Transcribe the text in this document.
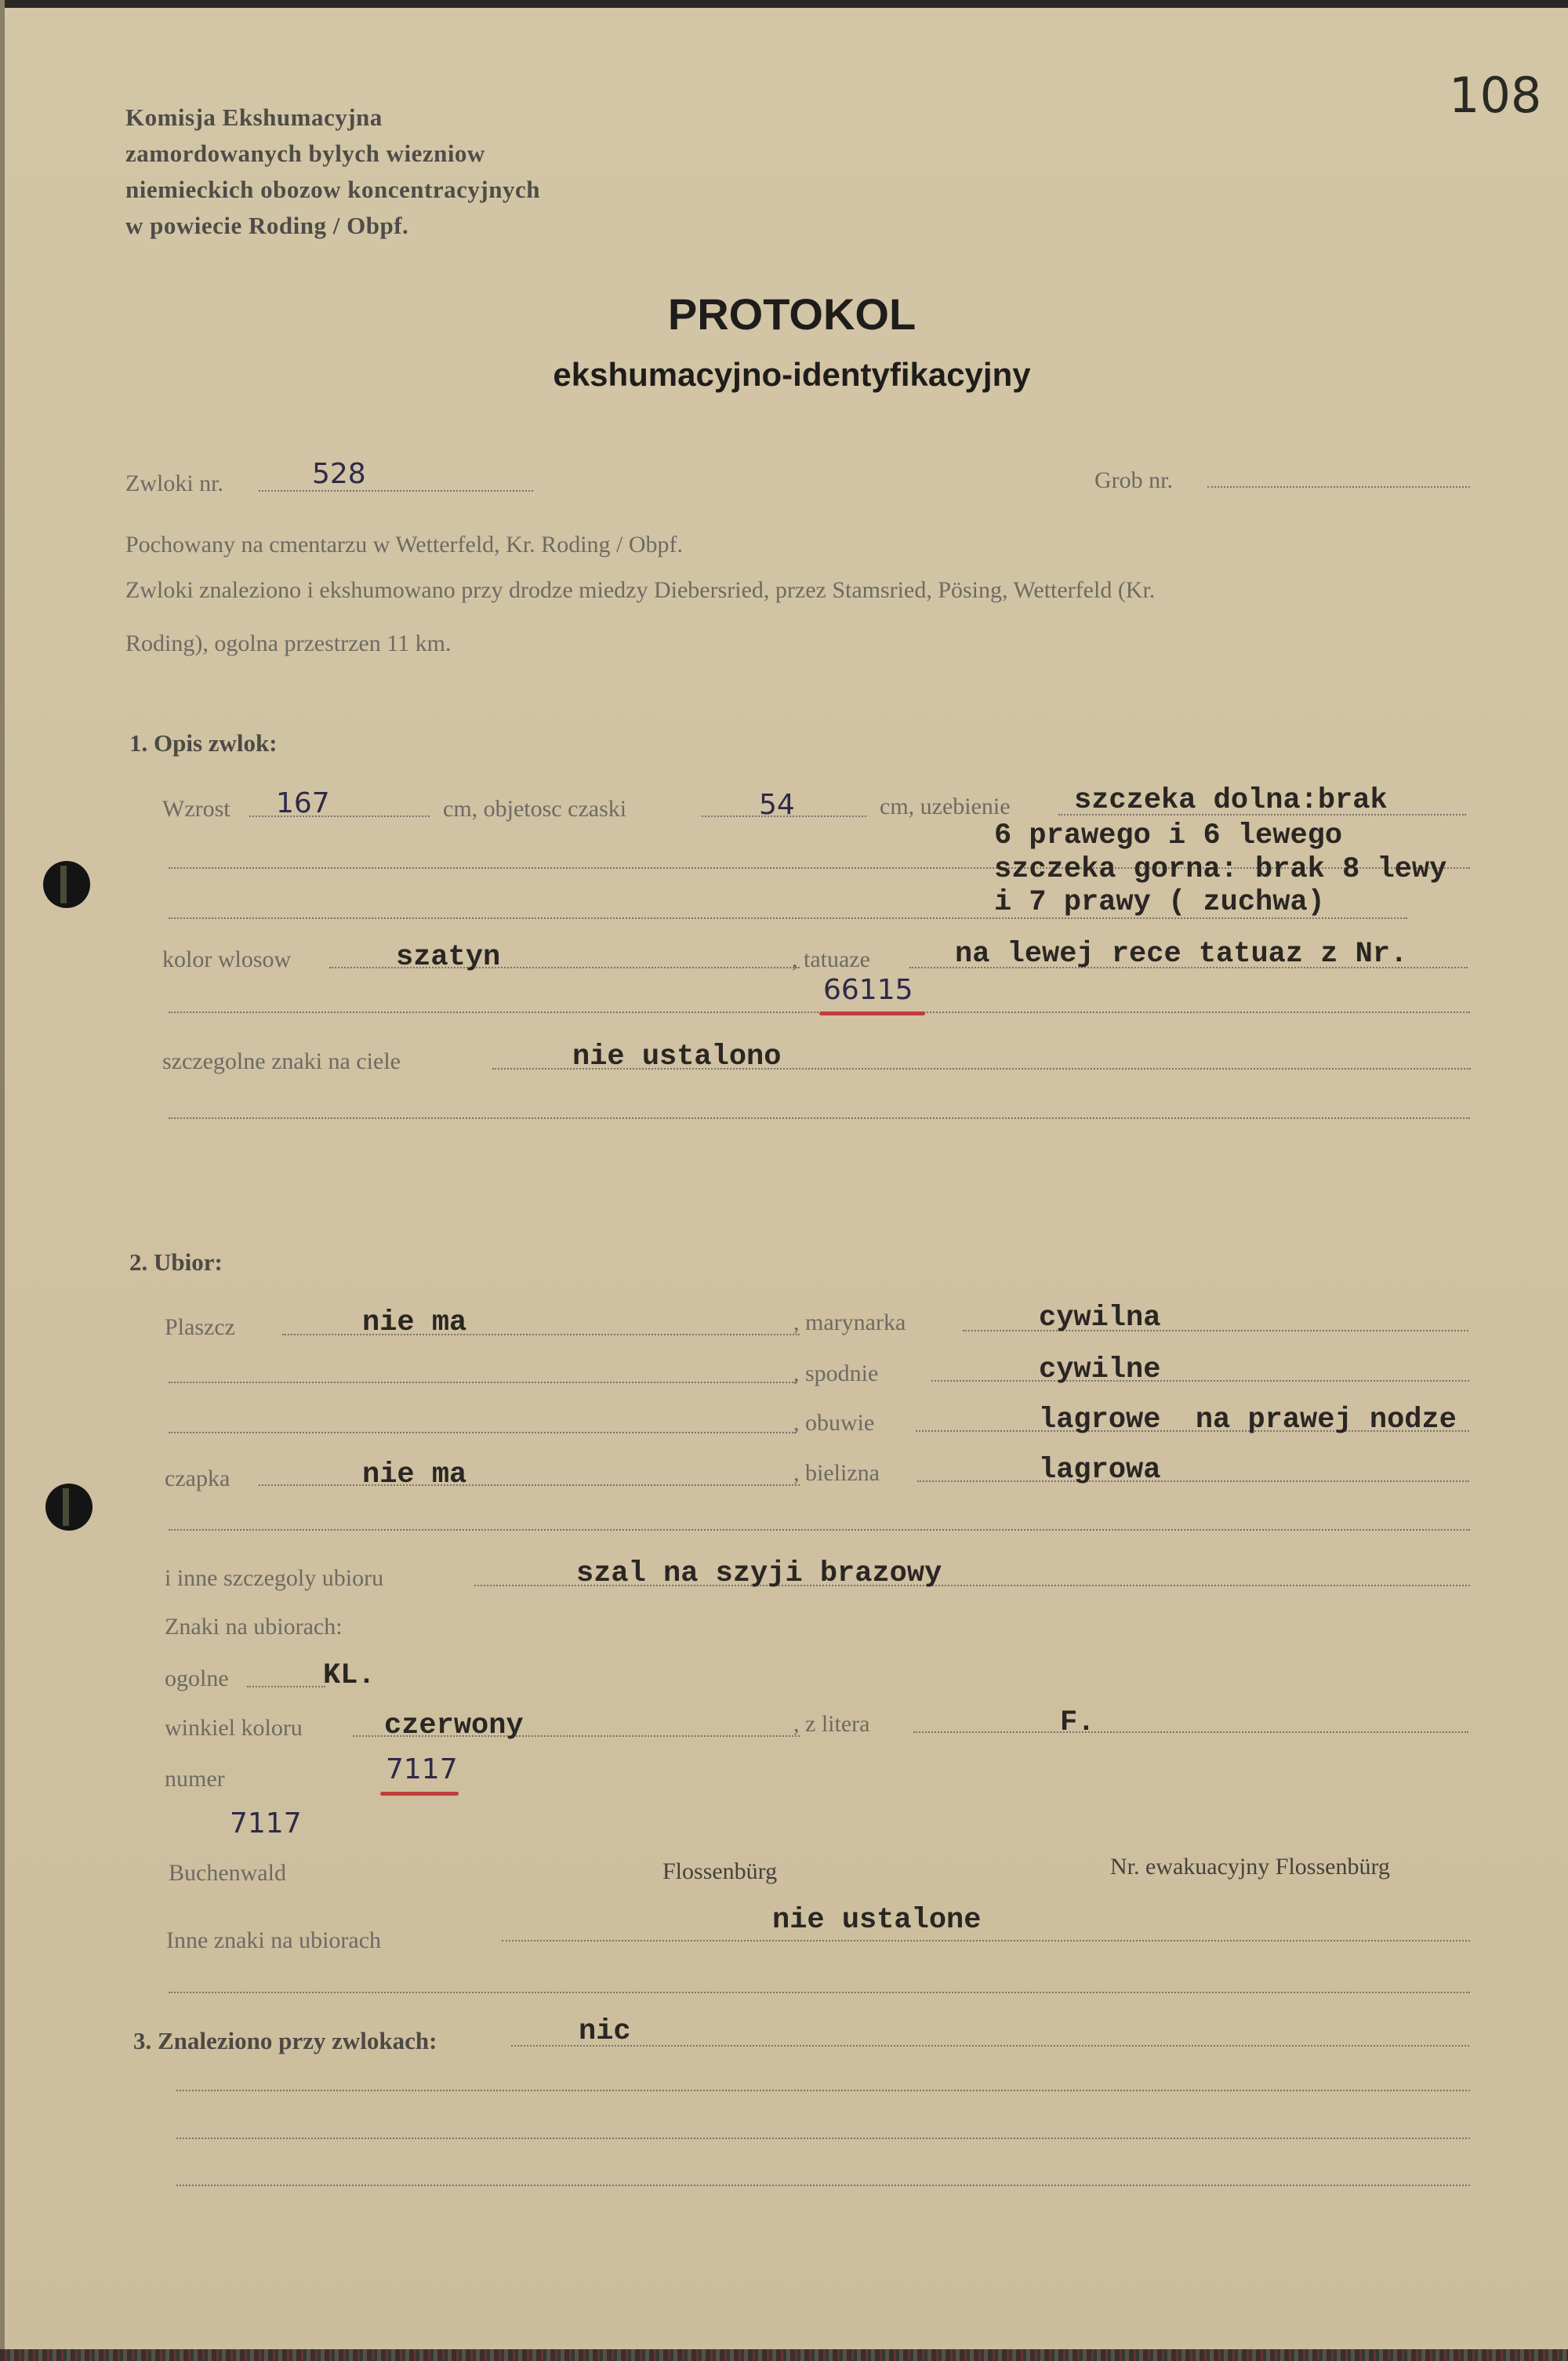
Komisja Ekshumacyjna
zamordowanych bylych wiezniow
niemieckich obozow koncentracyjnych
w powiecie Roding / Obpf.
108
PROTOKOL
ekshumacyjno-identyfikacyjny
Zwloki nr.	528	Grob nr.
Pochowany na cmentarzu w Wetterfeld, Kr. Roding / Obpf.
Zwloki znaleziono i ekshumowano przy drodze miedzy Diebersried, przez Stamsried, Pösing, Wetterfeld (Kr.
Roding), ogolna przestrzen 11 km.
1. Opis zwlok:
Wzrost 167	cm, objetosc czaski	54	cm, uzebienie szczeka dolna:brak
6 prawego i 6 lewego
szczeka gorna: brak 8 lewy
i 7 prawy ( zuchwa)
kolor wlosow	szatyn	, tatuaze	na lewej rece tatuaz z Nr.
66115
szczegolne znaki na ciele	nie ustalono
2. Ubior:
Plaszcz	nie ma	, marynarka	cywilna
, spodnie	cywilne
, obuwie	lagrowe  na prawej nodze
czapka	nie ma	, bielizna	lagrowa
i inne szczegoly ubioru	szal na szyji brazowy
Znaki na ubiorach:
ogolne	KL.
winkiel koloru	czerwony	, z litera	F.
numer	7117
7117
Buchenwald	Flossenbürg	Nr. ewakuacyjny Flossenbürg
Inne znaki na ubiorach
nie ustalone
3. Znaleziono przy zwlokach:	nic
